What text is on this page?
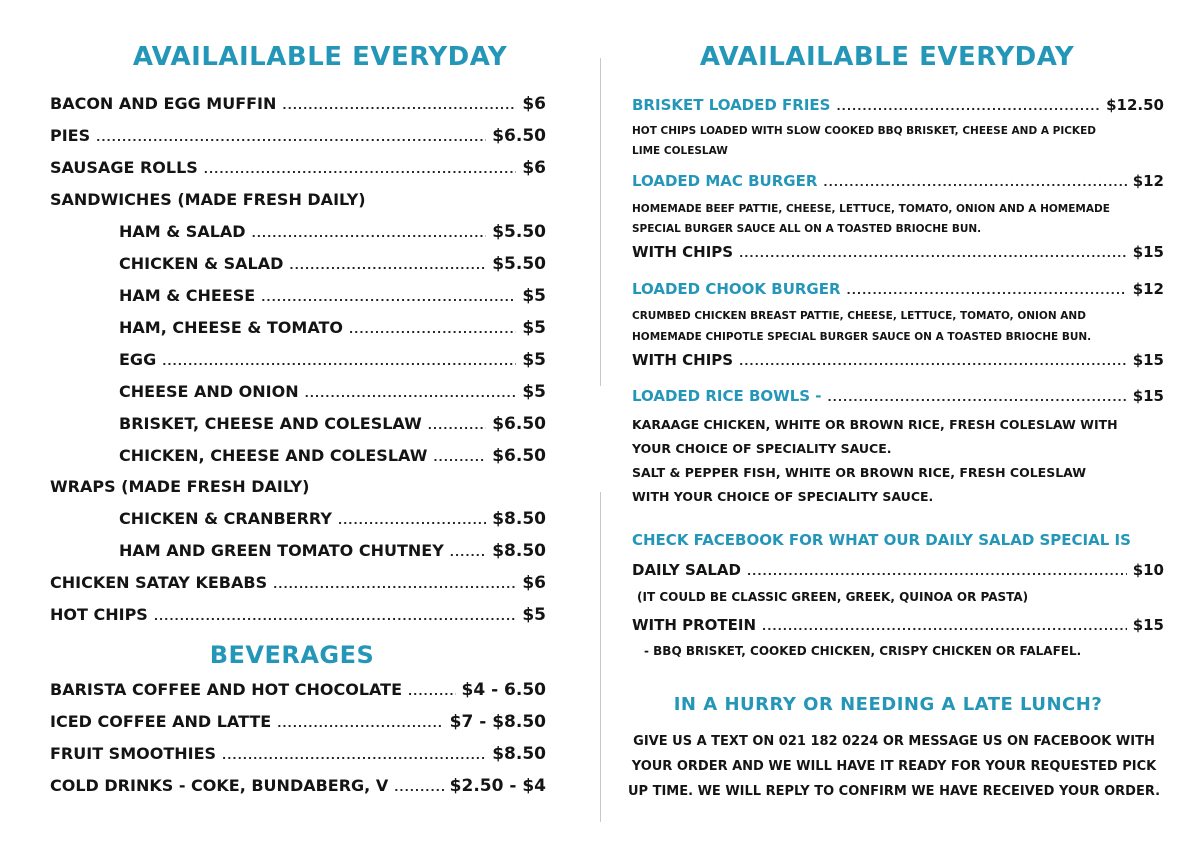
AVAILAILABLE EVERYDAY
BACON AND EGG MUFFIN .....	$6
PIES .....	$6.50
SAUSAGE ROLLS .....	$6
SANDWICHES (MADE FRESH DAILY)
HAM & SALAD .....	$5.50
CHICKEN & SALAD .....	$5.50
HAM & CHEESE .....	$5
HAM, CHEESE & TOMATO .....	$5
EGG .....	$5
CHEESE AND ONION .....	$5
BRISKET, CHEESE AND COLESLAW .....	$6.50
CHICKEN, CHEESE AND COLESLAW .....	$6.50
WRAPS (MADE FRESH DAILY)
CHICKEN & CRANBERRY .....	$8.50
HAM AND GREEN TOMATO CHUTNEY .....	$8.50
CHICKEN SATAY KEBABS .....	$6
HOT CHIPS .....	$5
BEVERAGES
BARISTA COFFEE AND HOT CHOCOLATE .....	$4 - 6.50
ICED COFFEE AND LATTE .....	$7 - $8.50
FRUIT SMOOTHIES .....	$8.50
COLD DRINKS - COKE, BUNDABERG, V .....	$2.50 - $4
AVAILAILABLE EVERYDAY
BRISKET LOADED FRIES .....	$12.50
HOT CHIPS LOADED WITH SLOW COOKED BBQ BRISKET, CHEESE AND A PICKED
LIME COLESLAW
LOADED MAC BURGER .....	$12
HOMEMADE BEEF PATTIE, CHEESE, LETTUCE, TOMATO, ONION AND A HOMEMADE
SPECIAL BURGER SAUCE ALL ON A TOASTED BRIOCHE BUN.
WITH CHIPS .....	$15
LOADED CHOOK BURGER .....	$12
CRUMBED CHICKEN BREAST PATTIE, CHEESE, LETTUCE, TOMATO, ONION AND
HOMEMADE CHIPOTLE SPECIAL BURGER SAUCE ON A TOASTED BRIOCHE BUN.
WITH CHIPS .....	$15
LOADED RICE BOWLS - .....	$15
KARAAGE CHICKEN, WHITE OR BROWN RICE, FRESH COLESLAW WITH
YOUR CHOICE OF SPECIALITY SAUCE.
SALT & PEPPER FISH, WHITE OR BROWN RICE, FRESH COLESLAW
WITH YOUR CHOICE OF SPECIALITY SAUCE.
CHECK FACEBOOK FOR WHAT OUR DAILY SALAD SPECIAL IS
DAILY SALAD .....	$10
(IT COULD BE CLASSIC GREEN, GREEK, QUINOA OR PASTA)
WITH PROTEIN .....	$15
- BBQ BRISKET, COOKED CHICKEN, CRISPY CHICKEN OR FALAFEL.
IN A HURRY OR NEEDING A LATE LUNCH?
GIVE US A TEXT ON 021 182 0224 OR MESSAGE US ON FACEBOOK WITH
YOUR ORDER AND WE WILL HAVE IT READY FOR YOUR REQUESTED PICK
UP TIME. WE WILL REPLY TO CONFIRM WE HAVE RECEIVED YOUR ORDER.
